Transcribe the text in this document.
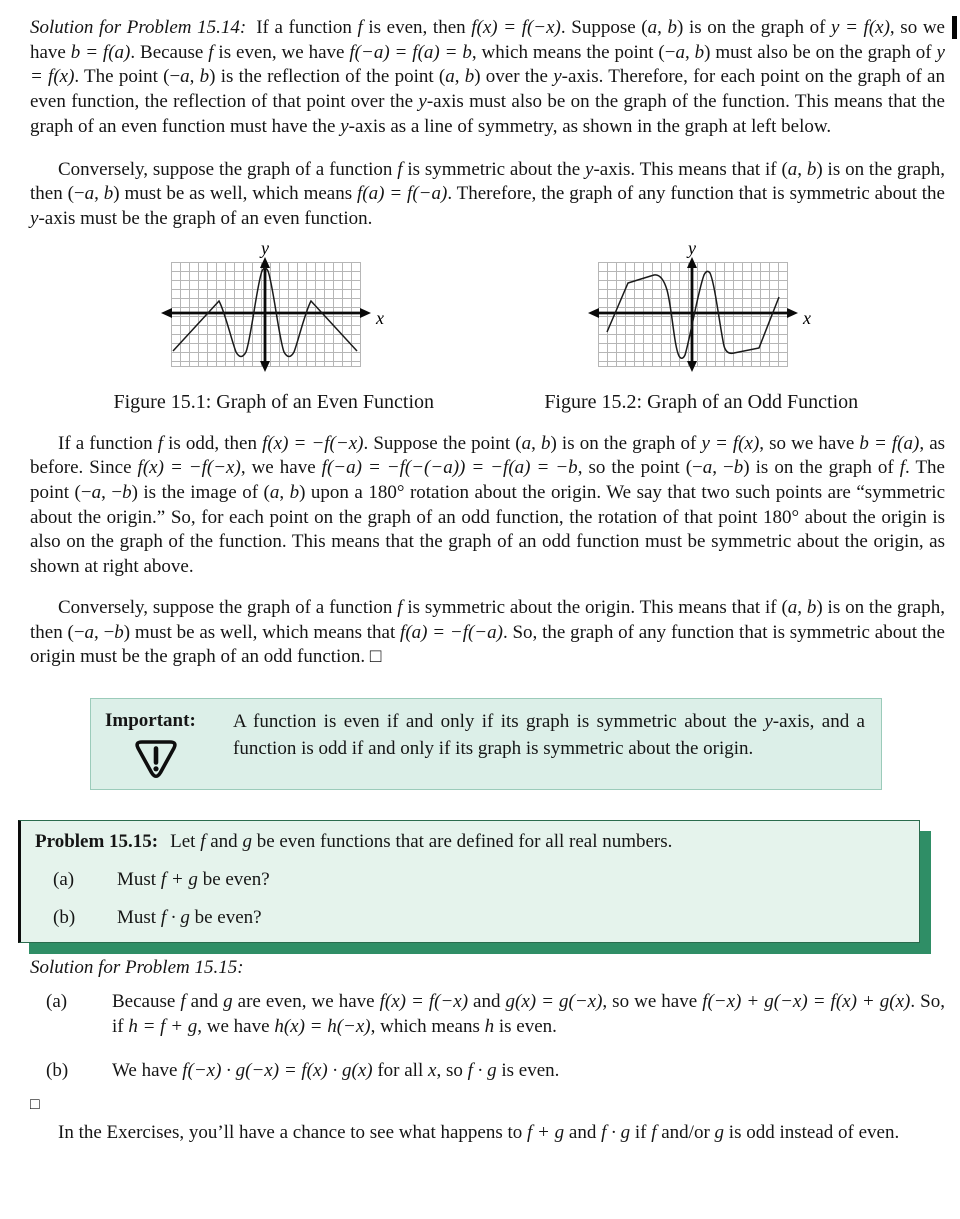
Solution for Problem 15.14: If a function f is even, then f(x) = f(−x). Suppose (a, b) is on the graph of y = f(x), so we have b = f(a). Because f is even, we have f(−a) = f(a) = b, which means the point (−a, b) must also be on the graph of y = f(x). The point (−a, b) is the reflection of the point (a, b) over the y-axis. Therefore, for each point on the graph of an even function, the reflection of that point over the y-axis must also be on the graph of the function. This means that the graph of an even function must have the y-axis as a line of symmetry, as shown in the graph at left below.

Conversely, suppose the graph of a function f is symmetric about the y-axis. This means that if (a, b) is on the graph, then (−a, b) must be as well, which means f(a) = f(−a). Therefore, the graph of any function that is symmetric about the y-axis must be the graph of an even function.

y
x
Figure 15.1: Graph of an Even Function
y
x
Figure 15.2: Graph of an Odd Function

If a function f is odd, then f(x) = −f(−x). Suppose the point (a, b) is on the graph of y = f(x), so we have b = f(a), as before. Since f(x) = −f(−x), we have f(−a) = −f(−(−a)) = −f(a) = −b, so the point (−a, −b) is on the graph of f. The point (−a, −b) is the image of (a, b) upon a 180° rotation about the origin. We say that two such points are “symmetric about the origin.” So, for each point on the graph of an odd function, the rotation of that point 180° about the origin is also on the graph of the function. This means that the graph of an odd function must be symmetric about the origin, as shown at right above.

Conversely, suppose the graph of a function f is symmetric about the origin. This means that if (a, b) is on the graph, then (−a, −b) must be as well, which means that f(a) = −f(−a). So, the graph of any function that is symmetric about the origin must be the graph of an odd function. □

Important:	A function is even if and only if its graph is symmetric about the y-axis, and a function is odd if and only if its graph is symmetric about the origin.
Problem 15.15: Let f and g be even functions that are defined for all real numbers.
(a)	Must f + g be even?
(b)	Must f · g be even?

Solution for Problem 15.15:

(a)	Because f and g are even, we have f(x) = f(−x) and g(x) = g(−x), so we have f(−x) + g(−x) = f(x) + g(x). So, if h = f + g, we have h(x) = h(−x), which means h is even.
(b)	We have f(−x) · g(−x) = f(x) · g(x) for all x, so f · g is even.
□

In the Exercises, you’ll have a chance to see what happens to f + g and f · g if f and/or g is odd instead of even.
